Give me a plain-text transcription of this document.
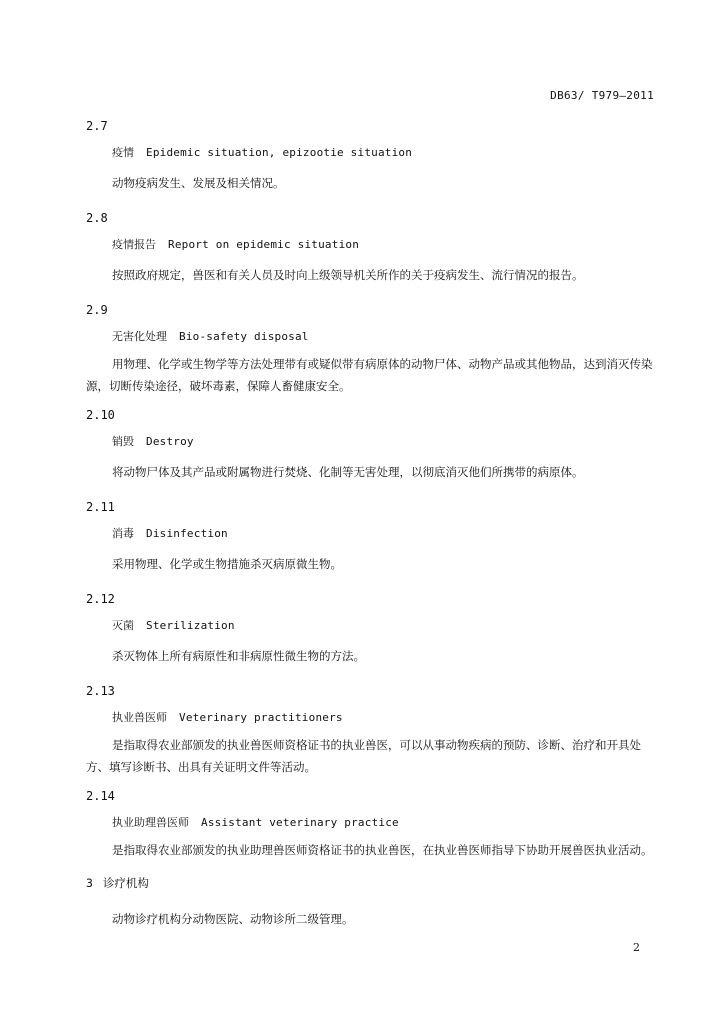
DB63/ T979—2011
2.7
疫情 Epidemic situation, epizootie situation
动物疫病发生、发展及相关情况。
2.8
疫情报告 Report on epidemic situation
按照政府规定，兽医和有关人员及时向上级领导机关所作的关于疫病发生、流行情况的报告。
2.9
无害化处理 Bio-safety disposal
用物理、化学或生物学等方法处理带有或疑似带有病原体的动物尸体、动物产品或其他物品，达到消灭传染源，切断传染途径，破坏毒素，保障人畜健康安全。
2.10
销毁 Destroy
将动物尸体及其产品或附属物进行焚烧、化制等无害处理，以彻底消灭他们所携带的病原体。
2.11
消毒 Disinfection
采用物理、化学或生物措施杀灭病原微生物。
2.12
灭菌 Sterilization
杀灭物体上所有病原性和非病原性微生物的方法。
2.13
执业兽医师 Veterinary practitioners
是指取得农业部颁发的执业兽医师资格证书的执业兽医，可以从事动物疾病的预防、诊断、治疗和开具处方、填写诊断书、出具有关证明文件等活动。
2.14
执业助理兽医师 Assistant veterinary practice
是指取得农业部颁发的执业助理兽医师资格证书的执业兽医，在执业兽医师指导下协助开展兽医执业活动。
3 诊疗机构
动物诊疗机构分动物医院、动物诊所二级管理。
2
